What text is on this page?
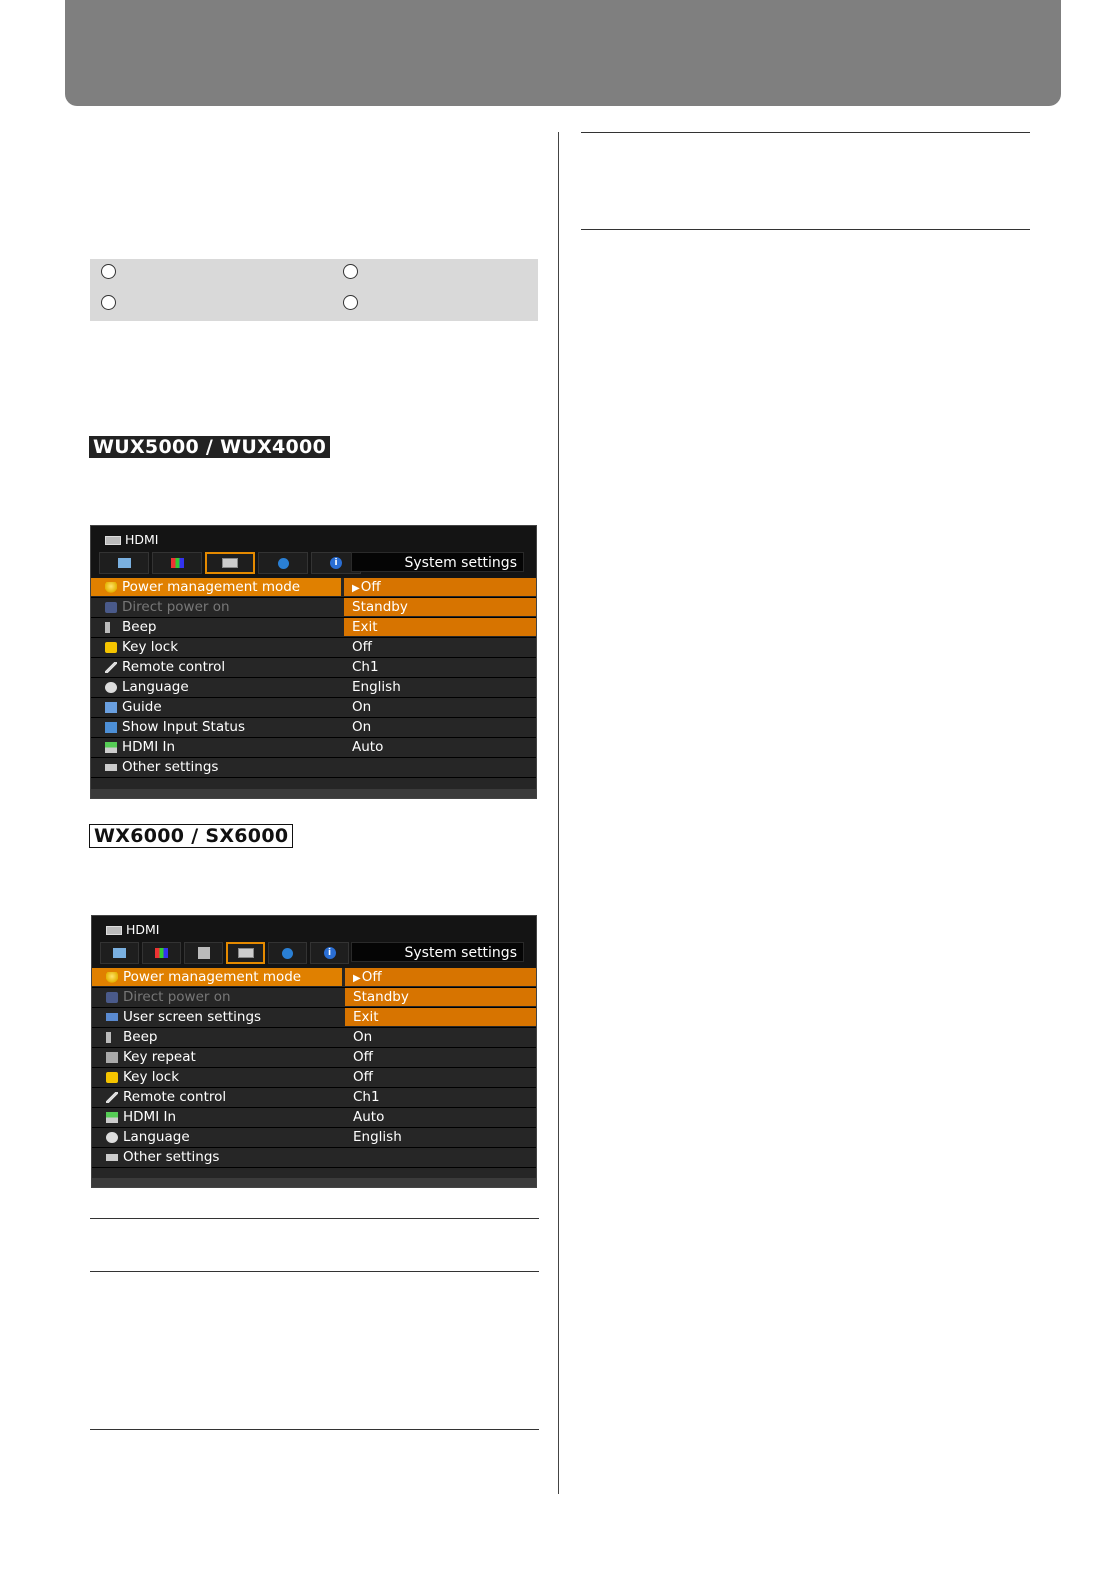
WUX5000 / WUX4000
HDMI
i	System settings
Power management mode	▶Off
Direct power on	Standby
Beep	Exit
Key lock	Off
Remote control	Ch1
Language	English
Guide	On
Show Input Status	On
HDMI In	Auto
Other settings
WX6000 / SX6000
HDMI
i	System settings
Power management mode	▶Off
Direct power on	Standby
User screen settings	Exit
Beep	On
Key repeat	Off
Key lock	Off
Remote control	Ch1
HDMI In	Auto
Language	English
Other settings
